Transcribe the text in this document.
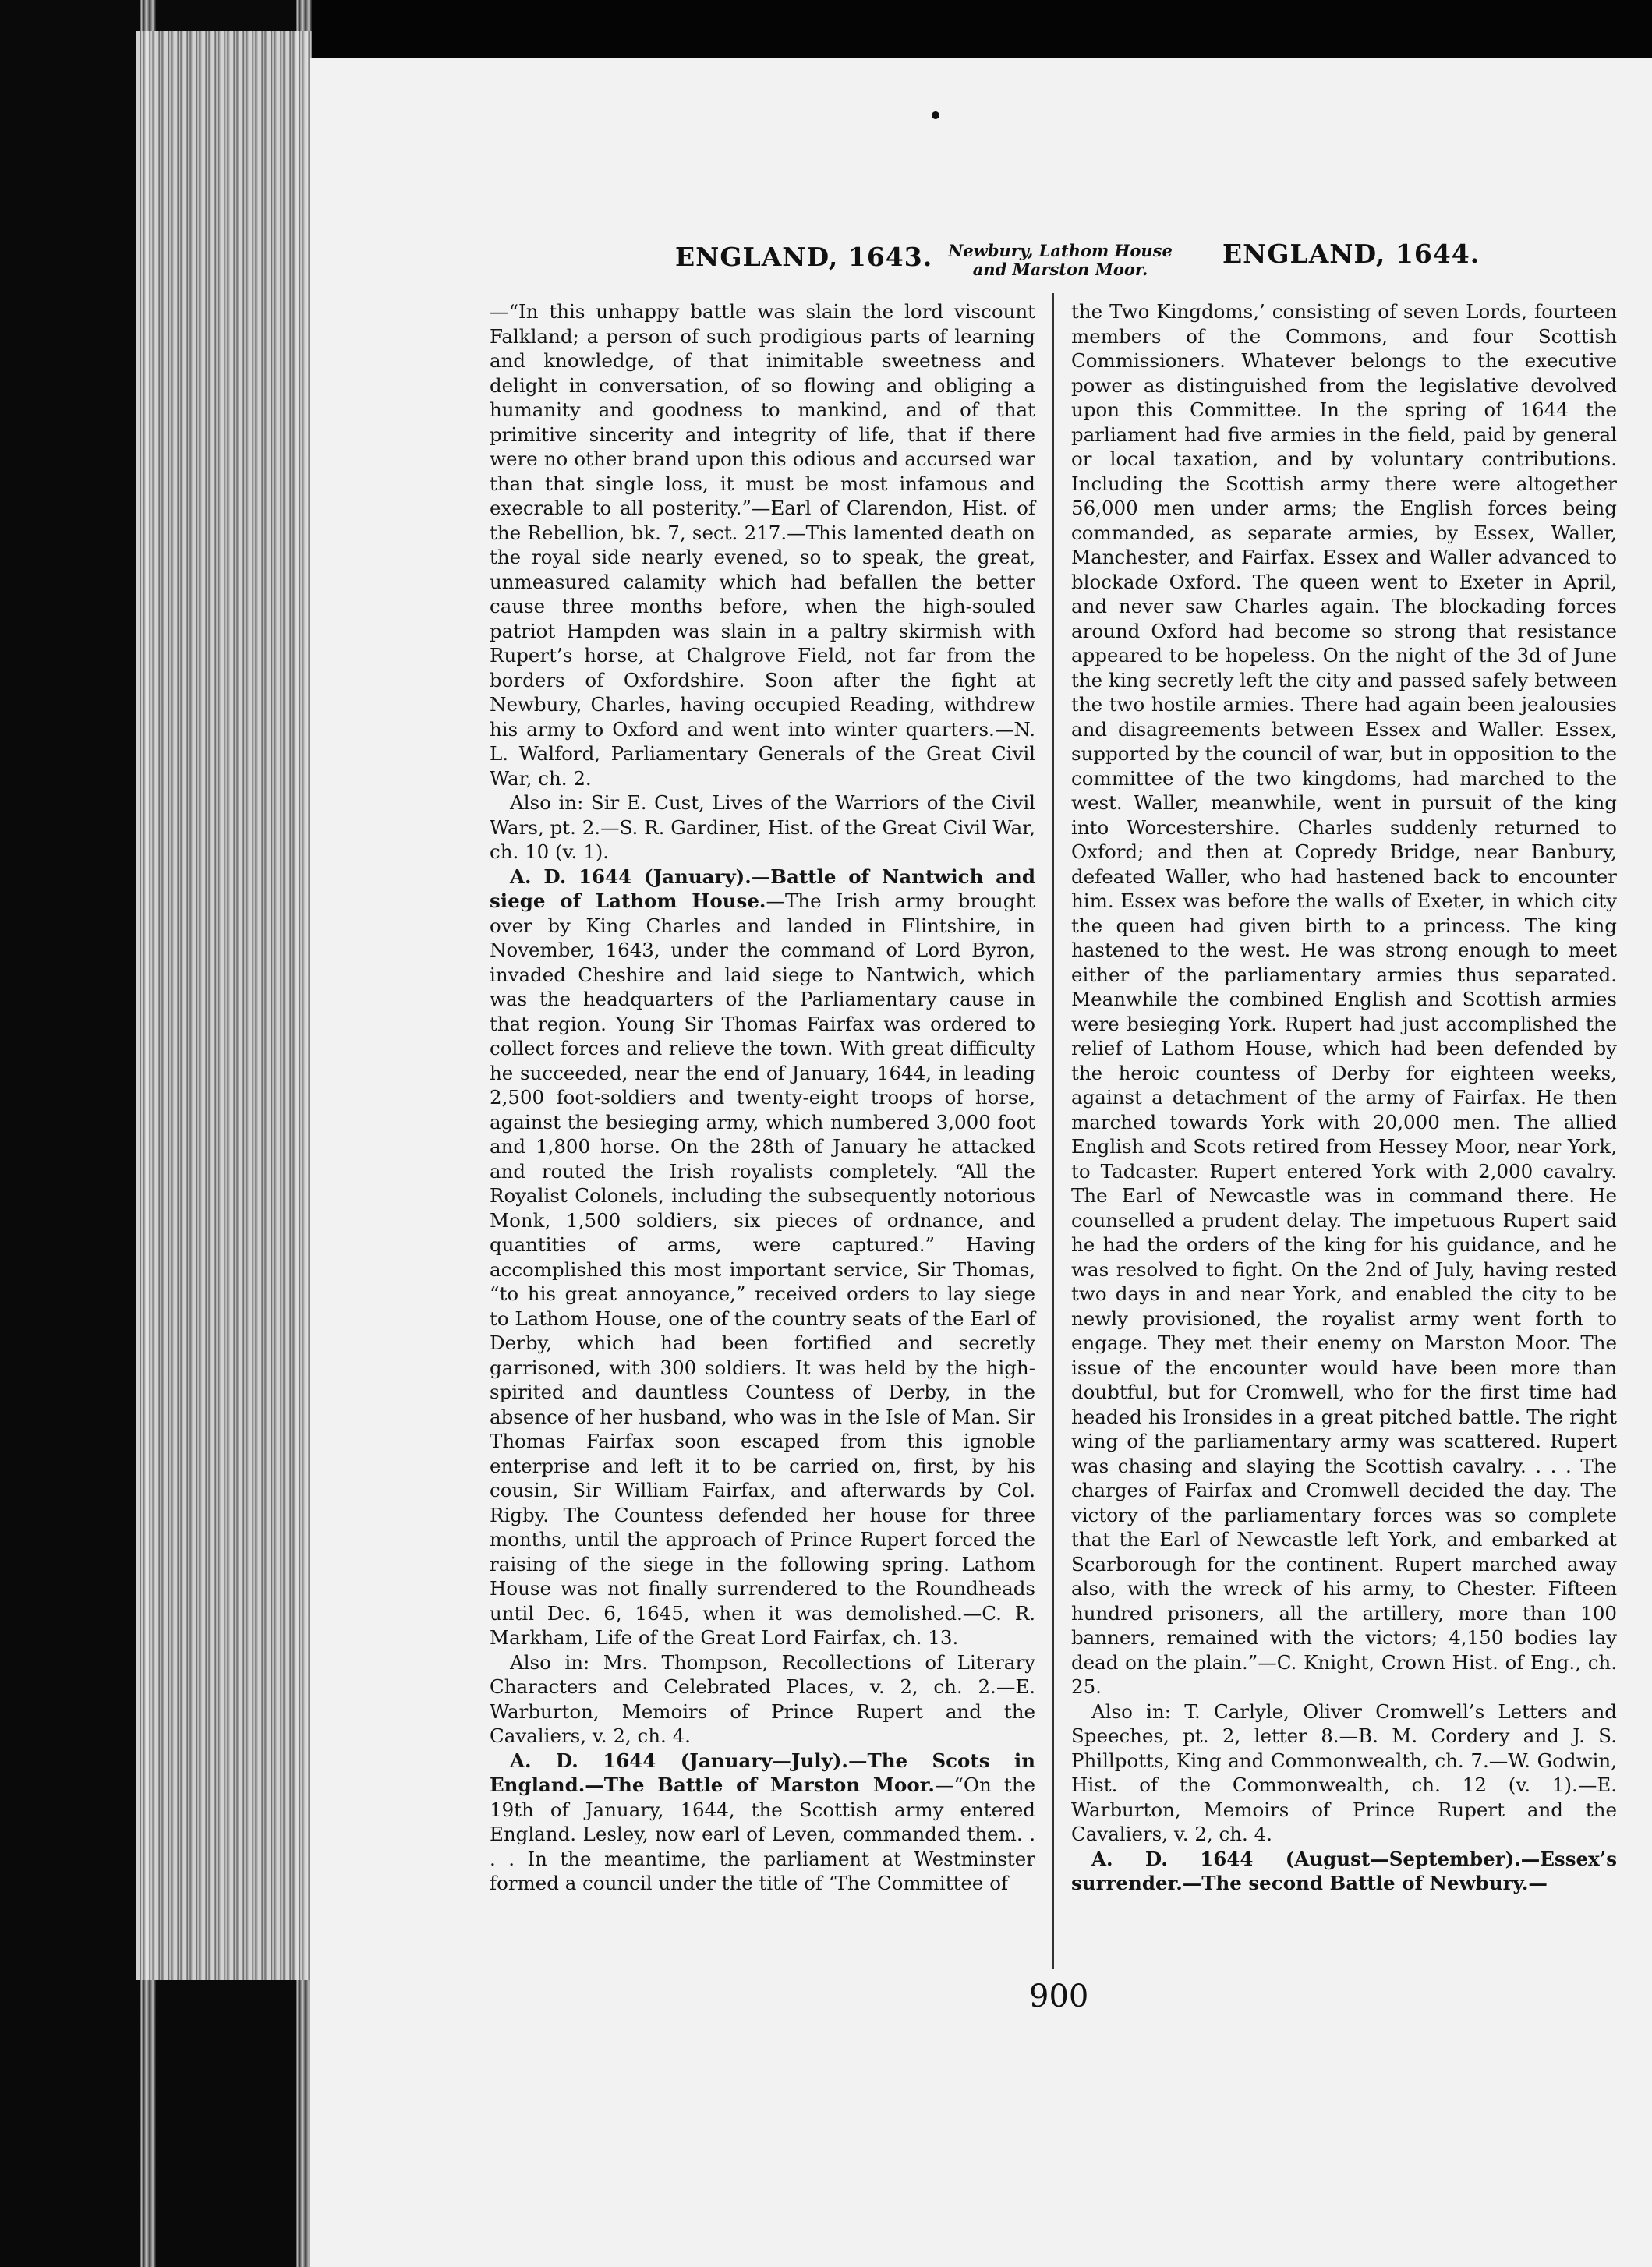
ENGLAND, 1643. Newbury, Lathom House
and Marston Moor.
ENGLAND, 1644.

—“In this unhappy battle was slain the lord viscount Falkland; a person of such prodigious parts of learning and knowledge, of that inimitable sweetness and delight in conversation, of so flowing and obliging a humanity and goodness to mankind, and of that primitive sincerity and integrity of life, that if there were no other brand upon this odious and accursed war than that single loss, it must be most infamous and execrable to all posterity.”—Earl of Clarendon, Hist. of the Rebellion, bk. 7, sect. 217.—This lamented death on the royal side nearly evened, so to speak, the great, unmeasured calamity which had befallen the better cause three months before, when the high-souled patriot Hampden was slain in a paltry skirmish with Rupert’s horse, at Chalgrove Field, not far from the borders of Oxfordshire. Soon after the fight at Newbury, Charles, having occupied Reading, withdrew his army to Oxford and went into winter quarters.—N. L. Walford, Parliamentary Generals of the Great Civil War, ch. 2.

Also in: Sir E. Cust, Lives of the Warriors of the Civil Wars, pt. 2.—S. R. Gardiner, Hist. of the Great Civil War, ch. 10 (v. 1).

A. D. 1644 (January).—Battle of Nantwich and siege of Lathom House.—The Irish army brought over by King Charles and landed in Flintshire, in November, 1643, under the command of Lord Byron, invaded Cheshire and laid siege to Nantwich, which was the headquarters of the Parliamentary cause in that region. Young Sir Thomas Fairfax was ordered to collect forces and relieve the town. With great difficulty he succeeded, near the end of January, 1644, in leading 2,500 foot-soldiers and twenty-eight troops of horse, against the besieging army, which numbered 3,000 foot and 1,800 horse. On the 28th of January he attacked and routed the Irish royalists completely. “All the Royalist Colonels, including the subsequently notorious Monk, 1,500 soldiers, six pieces of ordnance, and quantities of arms, were captured.” Having accomplished this most important service, Sir Thomas, “to his great annoyance,” received orders to lay siege to Lathom House, one of the country seats of the Earl of Derby, which had been fortified and secretly garrisoned, with 300 soldiers. It was held by the high-spirited and dauntless Countess of Derby, in the absence of her husband, who was in the Isle of Man. Sir Thomas Fairfax soon escaped from this ignoble enterprise and left it to be carried on, first, by his cousin, Sir William Fairfax, and afterwards by Col. Rigby. The Countess defended her house for three months, until the approach of Prince Rupert forced the raising of the siege in the following spring. Lathom House was not finally surrendered to the Roundheads until Dec. 6, 1645, when it was demolished.—C. R. Markham, Life of the Great Lord Fairfax, ch. 13.

Also in: Mrs. Thompson, Recollections of Literary Characters and Celebrated Places, v. 2, ch. 2.—E. Warburton, Memoirs of Prince Rupert and the Cavaliers, v. 2, ch. 4.

A. D. 1644 (January—July).—The Scots in England.—The Battle of Marston Moor.—“On the 19th of January, 1644, the Scottish army entered England. Lesley, now earl of Leven, commanded them. . . . In the meantime, the parliament at Westminster formed a council under the title of ‘The Committee of

the Two Kingdoms,’ consisting of seven Lords, fourteen members of the Commons, and four Scottish Commissioners. Whatever belongs to the executive power as distinguished from the legislative devolved upon this Committee. In the spring of 1644 the parliament had five armies in the field, paid by general or local taxation, and by voluntary contributions. Including the Scottish army there were altogether 56,000 men under arms; the English forces being commanded, as separate armies, by Essex, Waller, Manchester, and Fairfax. Essex and Waller advanced to blockade Oxford. The queen went to Exeter in April, and never saw Charles again. The blockading forces around Oxford had become so strong that resistance appeared to be hopeless. On the night of the 3d of June the king secretly left the city and passed safely between the two hostile armies. There had again been jealousies and disagreements between Essex and Waller. Essex, supported by the council of war, but in opposition to the committee of the two kingdoms, had marched to the west. Waller, meanwhile, went in pursuit of the king into Worcestershire. Charles suddenly returned to Oxford; and then at Copredy Bridge, near Banbury, defeated Waller, who had hastened back to encounter him. Essex was before the walls of Exeter, in which city the queen had given birth to a princess. The king hastened to the west. He was strong enough to meet either of the parliamentary armies thus separated. Meanwhile the combined English and Scottish armies were besieging York. Rupert had just accomplished the relief of Lathom House, which had been defended by the heroic countess of Derby for eighteen weeks, against a detachment of the army of Fairfax. He then marched towards York with 20,000 men. The allied English and Scots retired from Hessey Moor, near York, to Tadcaster. Rupert entered York with 2,000 cavalry. The Earl of Newcastle was in command there. He counselled a prudent delay. The impetuous Rupert said he had the orders of the king for his guidance, and he was resolved to fight. On the 2nd of July, having rested two days in and near York, and enabled the city to be newly provisioned, the royalist army went forth to engage. They met their enemy on Marston Moor. The issue of the encounter would have been more than doubtful, but for Cromwell, who for the first time had headed his Ironsides in a great pitched battle. The right wing of the parliamentary army was scattered. Rupert was chasing and slaying the Scottish cavalry. . . . The charges of Fairfax and Cromwell decided the day. The victory of the parliamentary forces was so complete that the Earl of Newcastle left York, and embarked at Scarborough for the continent. Rupert marched away also, with the wreck of his army, to Chester. Fifteen hundred prisoners, all the artillery, more than 100 banners, remained with the victors; 4,150 bodies lay dead on the plain.”—C. Knight, Crown Hist. of Eng., ch. 25.

Also in: T. Carlyle, Oliver Cromwell’s Letters and Speeches, pt. 2, letter 8.—B. M. Cordery and J. S. Phillpotts, King and Commonwealth, ch. 7.—W. Godwin, Hist. of the Commonwealth, ch. 12 (v. 1).—E. Warburton, Memoirs of Prince Rupert and the Cavaliers, v. 2, ch. 4.

A. D. 1644 (August—September).—Essex’s surrender.—The second Battle of Newbury.—

900
